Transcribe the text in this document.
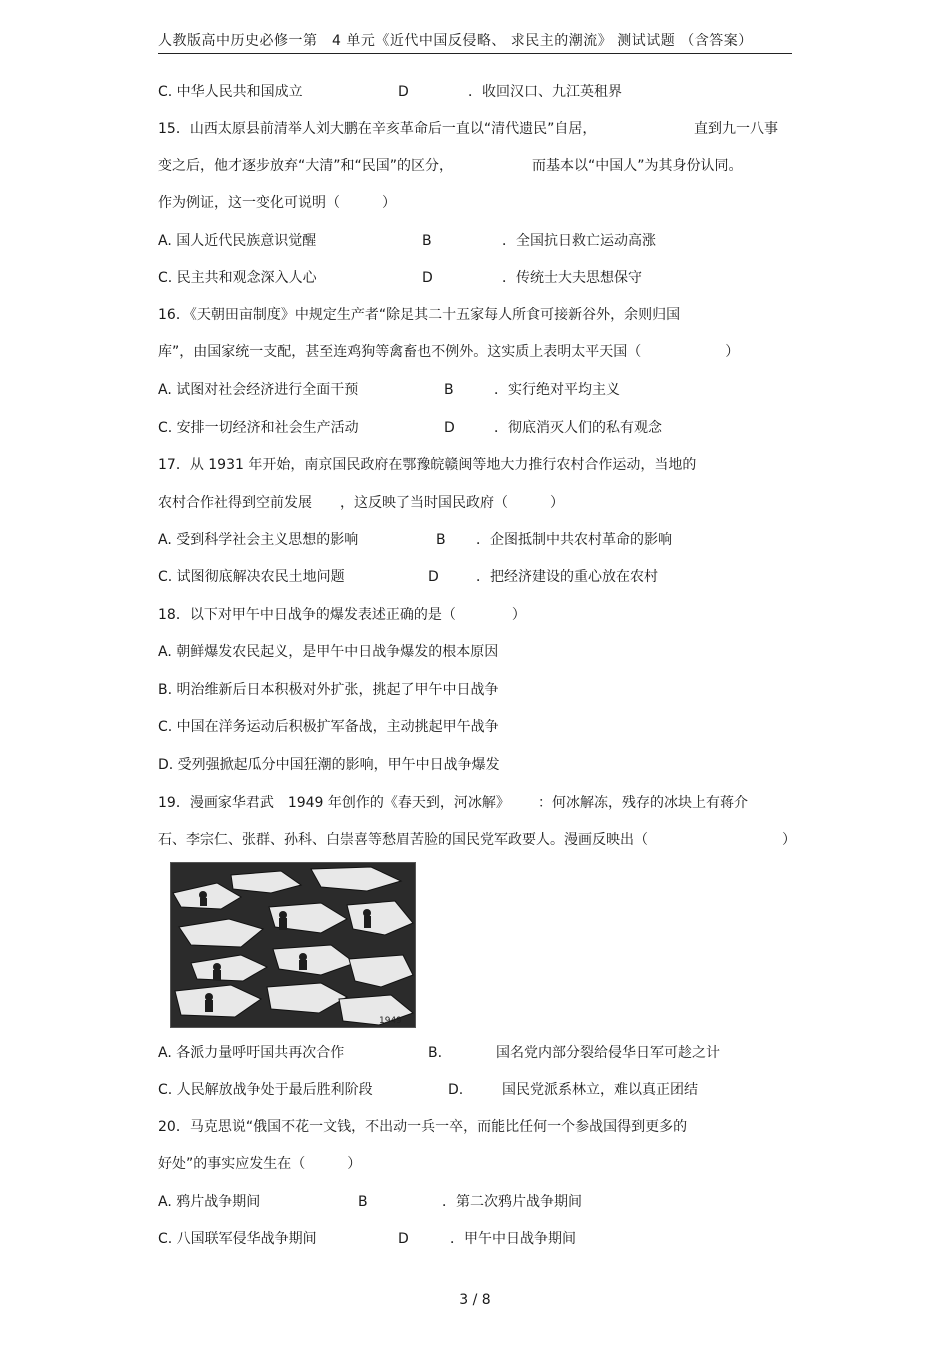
人教版高中历史必修一第　4 单元《近代中国反侵略、 求民主的潮流》 测试试题 （含答案）
C. 中华人民共和国成立	D	．收回汉口、九江英租界
15．山西太原县前清举人刘大鹏在辛亥革命后一直以“清代遗民”自居，	直到九一八事
变之后，他才逐步放弃“大清”和“民国”的区分，	而基本以“中国人”为其身份认同。
作为例证，这一变化可说明（　　　）
A. 国人近代民族意识觉醒	B	．全国抗日救亡运动高涨
C. 民主共和观念深入人心	D	．传统士大夫思想保守
16．《天朝田亩制度》中规定生产者“除足其二十五家每人所食可接新谷外，余则归国
库”，由国家统一支配，甚至连鸡狗等禽畜也不例外。这实质上表明太平天国（　　　　　　）
A. 试图对社会经济进行全面干预	B	．实行绝对平均主义
C. 安排一切经济和社会生产活动	D	．彻底消灭人们的私有观念
17．从 1931 年开始，南京国民政府在鄂豫皖赣闽等地大力推行农村合作运动，当地的
农村合作社得到空前发展 ，这反映了当时国民政府（　　　）
A. 受到科学社会主义思想的影响	B ．企图抵制中共农村革命的影响
C. 试图彻底解决农民土地问题	D	．把经济建设的重心放在农村
18．以下对甲午中日战争的爆发表述正确的是（　　　　）
A. 朝鲜爆发农民起义，是甲午中日战争爆发的根本原因
B. 明治维新后日本积极对外扩张，挑起了甲午中日战争
C. 中国在洋务运动后积极扩军备战，主动挑起甲午战争
D. 受列强掀起瓜分中国狂潮的影响，甲午中日战争爆发
19．漫画家华君武　1949 年创作的《春天到，河冰解》 ：何冰解冻，残存的冰块上有蒋介
石、李宗仁、张群、孙科、白崇喜等愁眉苦脸的国民党军政要人。漫画反映出（	）
1949
A. 各派力量呼吁国共再次合作	B.	国名党内部分裂给侵华日军可趁之计
C. 人民解放战争处于最后胜利阶段	D.	国民党派系林立，难以真正团结
20．马克思说“俄国不花一文钱，不出动一兵一卒，而能比任何一个参战国得到更多的
好处”的事实应发生在（　　　）
A. 鸦片战争期间	B	．第二次鸦片战争期间
C. 八国联军侵华战争期间	D	．甲午中日战争期间
3 / 8
